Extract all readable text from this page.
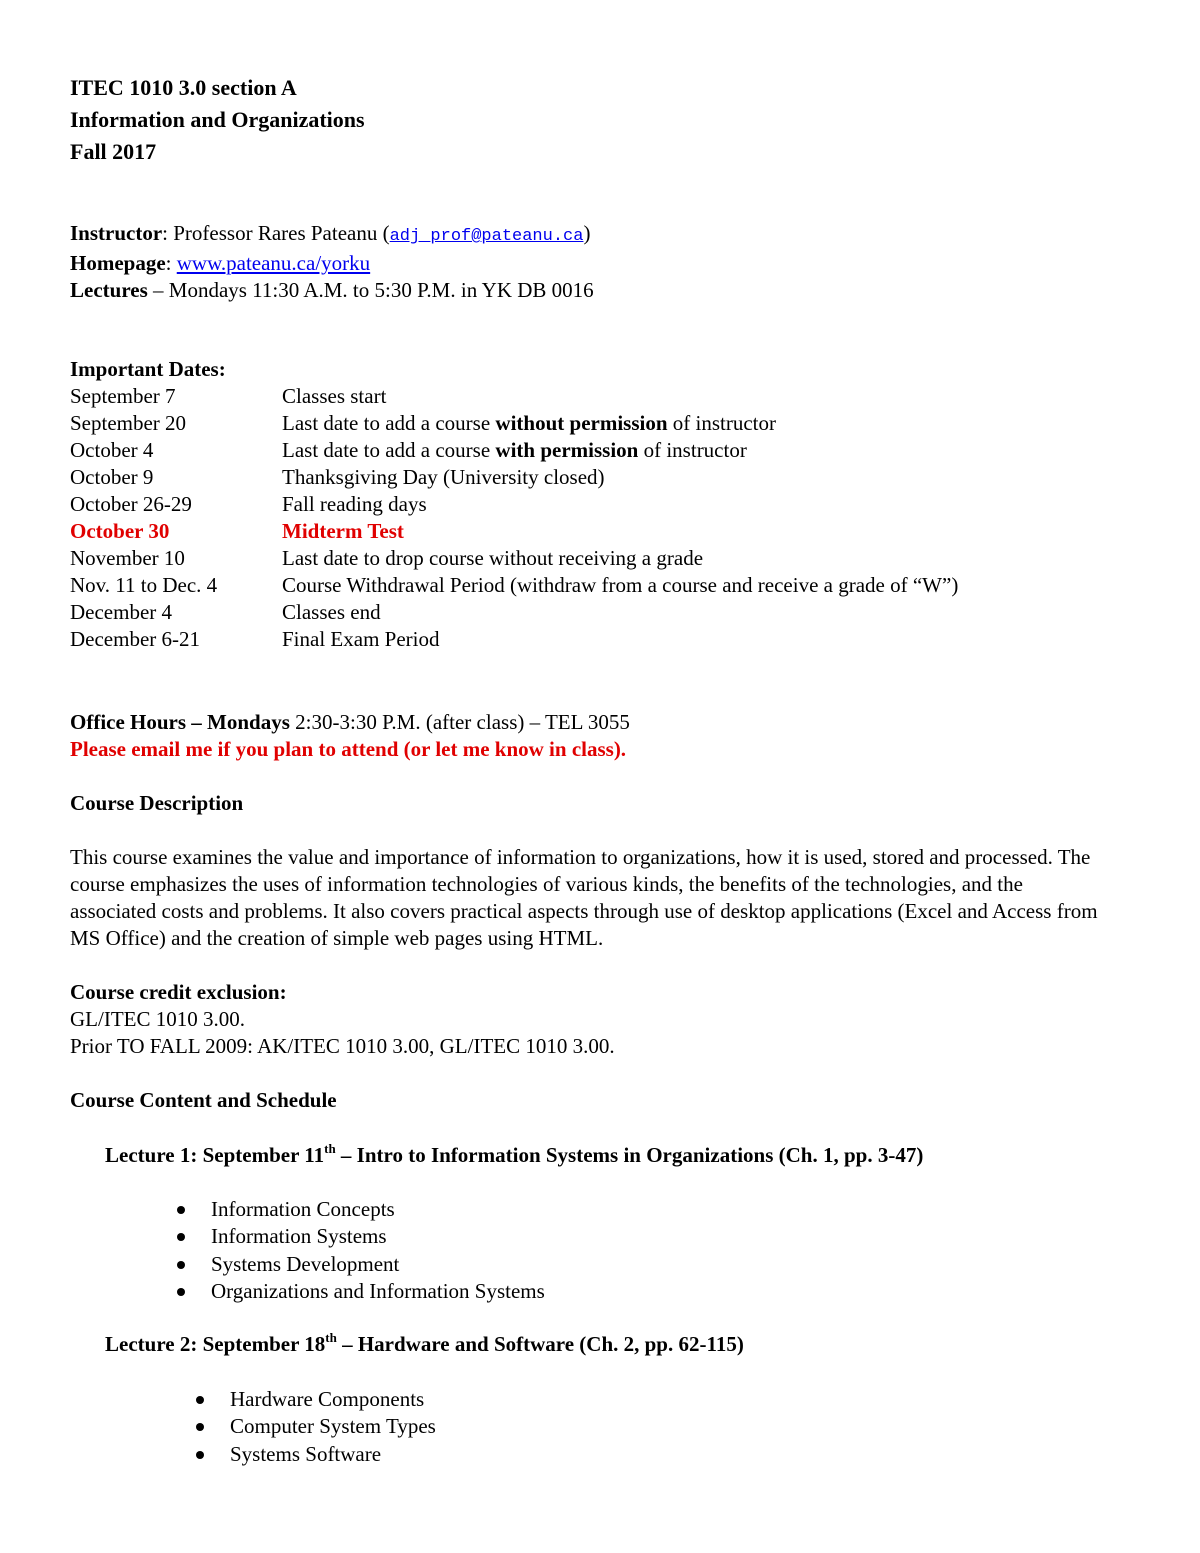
ITEC 1010 3.0 section A
Information and Organizations
Fall 2017
Instructor: Professor Rares Pateanu (adj_prof@pateanu.ca)
Homepage: www.pateanu.ca/yorku
Lectures – Mondays 11:30 A.M. to 5:30 P.M. in YK DB 0016
Important Dates:
September 7	Classes start
September 20	Last date to add a course without permission of instructor
October 4	Last date to add a course with permission of instructor
October 9	Thanksgiving Day (University closed)
October 26-29	Fall reading days
October 30	Midterm Test
November 10	Last date to drop course without receiving a grade
Nov. 11 to Dec. 4	Course Withdrawal Period (withdraw from a course and receive a grade of “W”)
December 4	Classes end
December 6-21	Final Exam Period
Office Hours – Mondays 2:30-3:30 P.M. (after class) – TEL 3055
Please email me if you plan to attend (or let me know in class).
Course Description
This course examines the value and importance of information to organizations, how it is used, stored and processed. The course emphasizes the uses of information technologies of various kinds, the benefits of the technologies, and the associated costs and problems. It also covers practical aspects through use of desktop applications (Excel and Access from MS Office) and the creation of simple web pages using HTML.
Course credit exclusion:
GL/ITEC 1010 3.00.
Prior TO FALL 2009: AK/ITEC 1010 3.00, GL/ITEC 1010 3.00.
Course Content and Schedule
Lecture 1: September 11th – Intro to Information Systems in Organizations (Ch. 1, pp. 3-47)
Information Concepts
Information Systems
Systems Development
Organizations and Information Systems
Lecture 2: September 18th – Hardware and Software (Ch. 2, pp. 62-115)
Hardware Components
Computer System Types
Systems Software
